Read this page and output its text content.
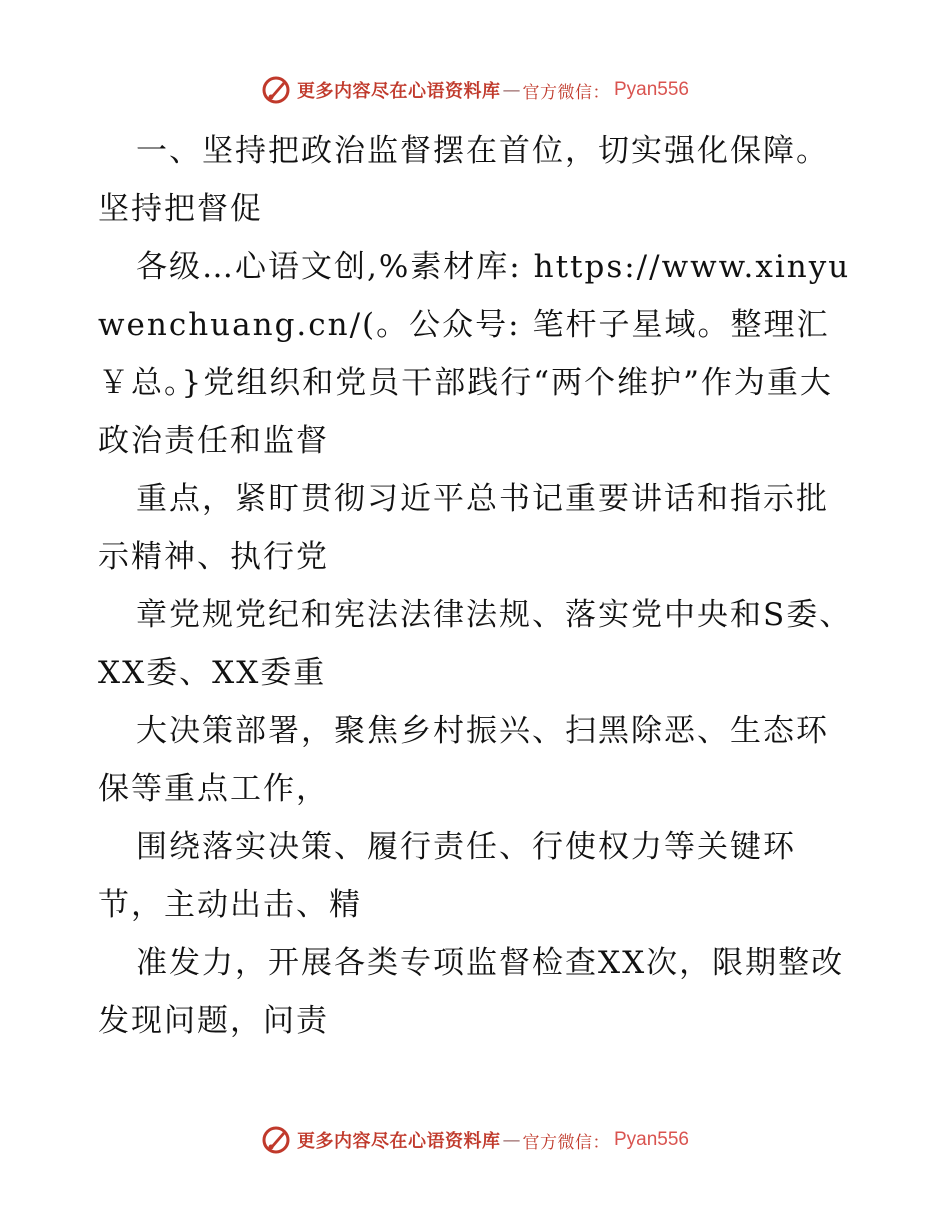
更多内容尽在心语资料库 — 官方微信： Pyan556

一、坚持把政治监督摆在首位，切实强化保障。坚持把督促

各级…心语文创,%素材库: https://www.xinyuwenchuang.cn/(。公众号: 笔杆子星域。整理汇￥总。}党组织和党员干部践行“两个维护”作为重大政治责任和监督

重点，紧盯贯彻习近平总书记重要讲话和指示批示精神、执行党

章党规党纪和宪法法律法规、落实党中央和S委、XX委、XX委重

大决策部署，聚焦乡村振兴、扫黑除恶、生态环保等重点工作，

围绕落实决策、履行责任、行使权力等关键环节，主动出击、精

准发力，开展各类专项监督检查XX次，限期整改发现问题，问责

更多内容尽在心语资料库 — 官方微信： Pyan556
